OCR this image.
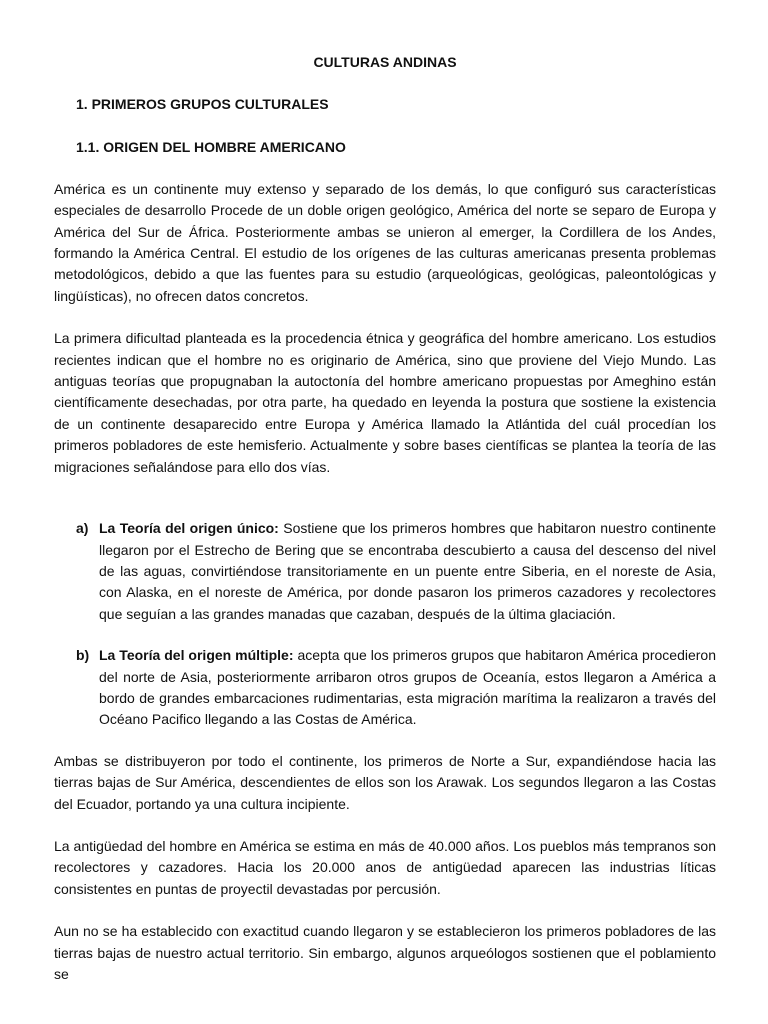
CULTURAS ANDINAS
1. PRIMEROS GRUPOS CULTURALES
1.1. ORIGEN DEL HOMBRE AMERICANO

América es un continente muy extenso y separado de los demás, lo que configuró sus características especiales de desarrollo Procede de un doble origen geológico, América del norte se separo de Europa y América del Sur de África. Posteriormente ambas se unieron al emerger, la Cordillera de los Andes, formando la América Central. El estudio de los orígenes de las culturas americanas presenta problemas metodológicos, debido a que las fuentes para su estudio (arqueológicas, geológicas, paleontológicas y lingüísticas), no ofrecen datos concretos.

La primera dificultad planteada es la procedencia étnica y geográfica del hombre americano. Los estudios recientes indican que el hombre no es originario de América, sino que proviene del Viejo Mundo. Las antiguas teorías que propugnaban la autoctonía del hombre americano propuestas por Ameghino están científicamente desechadas, por otra parte, ha quedado en leyenda la postura que sostiene la existencia de un continente desaparecido entre Europa y América llamado la Atlántida del cuál procedían los primeros pobladores de este hemisferio. Actualmente y sobre bases científicas se plantea la teoría de las migraciones señalándose para ello dos vías.

a) La Teoría del origen único: Sostiene que los primeros hombres que habitaron nuestro continente llegaron por el Estrecho de Bering que se encontraba descubierto a causa del descenso del nivel de las aguas, convirtiéndose transitoriamente en un puente entre Siberia, en el noreste de Asia, con Alaska, en el noreste de América, por donde pasaron los primeros cazadores y recolectores que seguían a las grandes manadas que cazaban, después de la última glaciación.
b) La Teoría del origen múltiple: acepta que los primeros grupos que habitaron América procedieron del norte de Asia, posteriormente arribaron otros grupos de Oceanía, estos llegaron a América a bordo de grandes embarcaciones rudimentarias, esta migración marítima la realizaron a través del Océano Pacifico llegando a las Costas de América.

Ambas se distribuyeron por todo el continente, los primeros de Norte a Sur, expandiéndose hacia las tierras bajas de Sur América, descendientes de ellos son los Arawak. Los segundos llegaron a las Costas del Ecuador, portando ya una cultura incipiente.

La antigüedad del hombre en América se estima en más de 40.000 años. Los pueblos más tempranos son recolectores y cazadores. Hacia los 20.000 anos de antigüedad aparecen las industrias líticas consistentes en puntas de proyectil devastadas por percusión.

Aun no se ha establecido con exactitud cuando llegaron y se establecieron los primeros pobladores de las tierras bajas de nuestro actual territorio. Sin embargo, algunos arqueólogos sostienen que el poblamiento se
